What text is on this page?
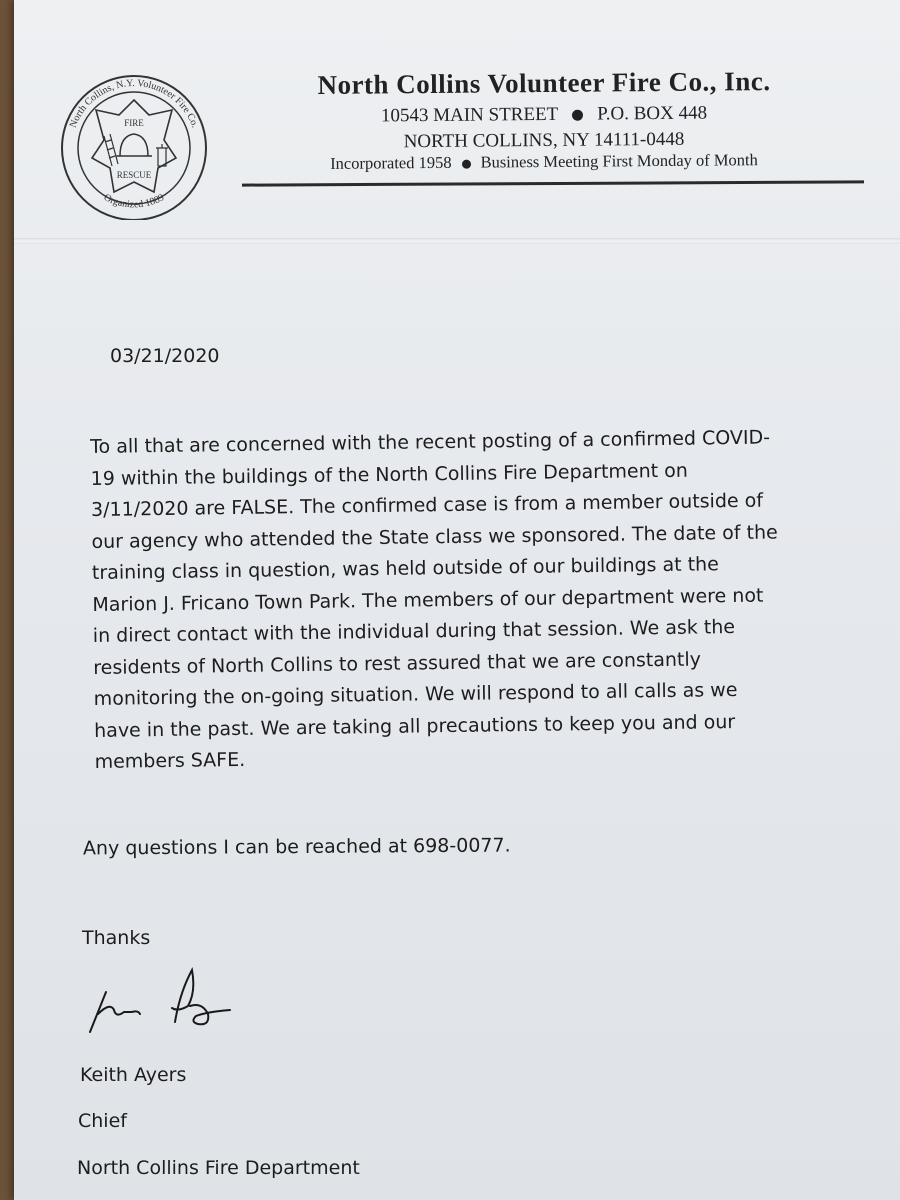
North Collins, N.Y. Volunteer Fire Co.
Organized 1889
FIRE
RESCUE
North Collins Volunteer Fire Co., Inc.
10543 MAIN STREET P.O. BOX 448
NORTH COLLINS, NY 14111-0448
Incorporated 1958 Business Meeting First Monday of Month
03/21/2020
To all that are concerned with the recent posting of a confirmed COVID-
19 within the buildings of the North Collins Fire Department on
3/11/2020 are FALSE. The confirmed case is from a member outside of
our agency who attended the State class we sponsored. The date of the
training class in question, was held outside of our buildings at the
Marion J. Fricano Town Park. The members of our department were not
in direct contact with the individual during that session. We ask the
residents of North Collins to rest assured that we are constantly
monitoring the on-going situation. We will respond to all calls as we
have in the past. We are taking all precautions to keep you and our
members SAFE.
Any questions I can be reached at 698-0077.
Thanks
Keith Ayers
Chief
North Collins Fire Department
